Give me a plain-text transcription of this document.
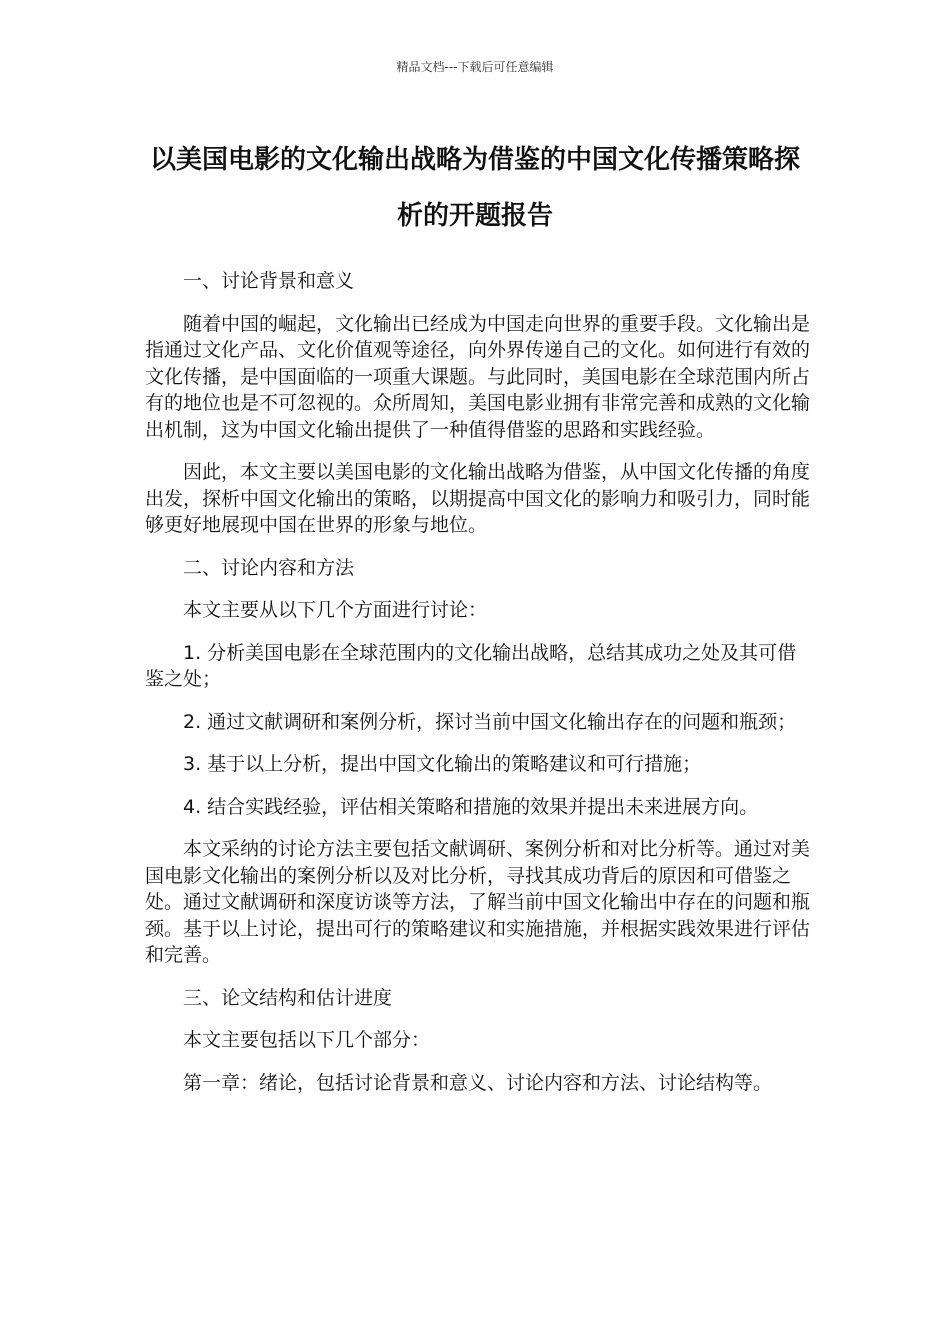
精品文档---下载后可任意编辑
以美国电影的文化输出战略为借鉴的中国文化传播策略探析的开题报告

一、讨论背景和意义

随着中国的崛起，文化输出已经成为中国走向世界的重要手段。文化输出是指通过文化产品、文化价值观等途径，向外界传递自己的文化。如何进行有效的文化传播，是中国面临的一项重大课题。与此同时，美国电影在全球范围内所占有的地位也是不可忽视的。众所周知，美国电影业拥有非常完善和成熟的文化输出机制，这为中国文化输出提供了一种值得借鉴的思路和实践经验。

因此，本文主要以美国电影的文化输出战略为借鉴，从中国文化传播的角度出发，探析中国文化输出的策略，以期提高中国文化的影响力和吸引力，同时能够更好地展现中国在世界的形象与地位。

二、讨论内容和方法

本文主要从以下几个方面进行讨论：

1. 分析美国电影在全球范围内的文化输出战略，总结其成功之处及其可借鉴之处；

2. 通过文献调研和案例分析，探讨当前中国文化输出存在的问题和瓶颈；

3. 基于以上分析，提出中国文化输出的策略建议和可行措施；

4. 结合实践经验，评估相关策略和措施的效果并提出未来进展方向。

本文采纳的讨论方法主要包括文献调研、案例分析和对比分析等。通过对美国电影文化输出的案例分析以及对比分析，寻找其成功背后的原因和可借鉴之处。通过文献调研和深度访谈等方法，了解当前中国文化输出中存在的问题和瓶颈。基于以上讨论，提出可行的策略建议和实施措施，并根据实践效果进行评估和完善。

三、论文结构和估计进度

本文主要包括以下几个部分：

第一章：绪论，包括讨论背景和意义、讨论内容和方法、讨论结构等。
